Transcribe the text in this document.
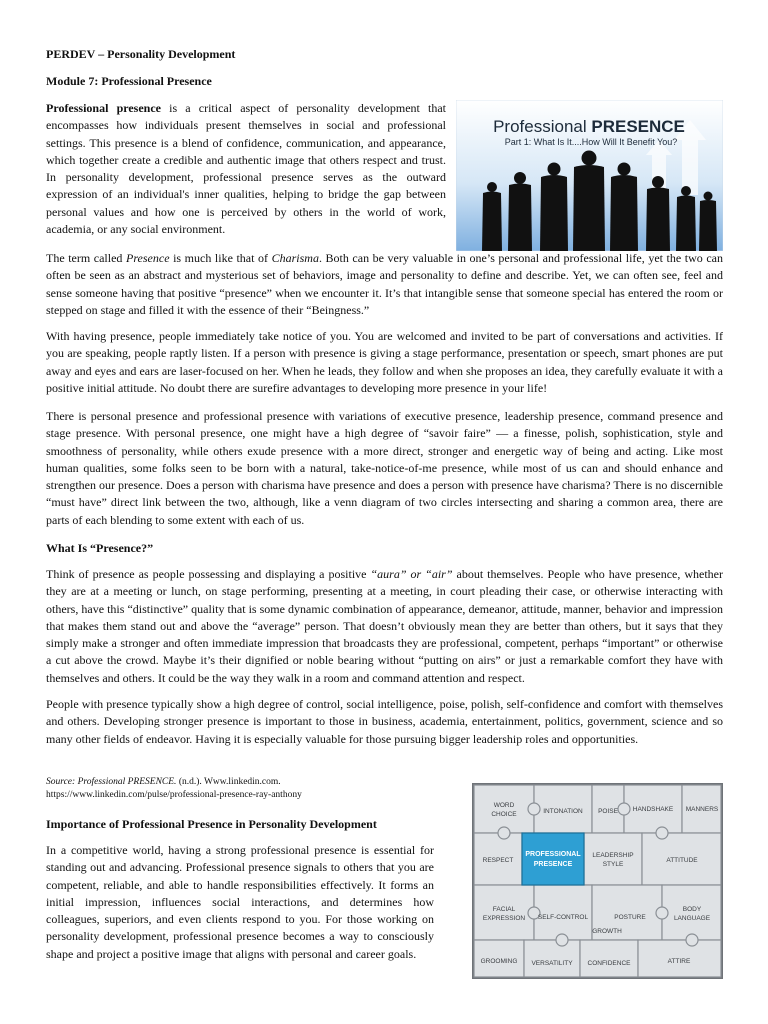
PERDEV – Personality Development
Module 7: Professional Presence

Professional presence is a critical aspect of personality development that encompasses how individuals present themselves in social and professional settings. This presence is a blend of confidence, communication, and appearance, which together create a credible and authentic image that others respect and trust. In personality development, professional presence serves as the outward expression of an individual's inner qualities, helping to bridge the gap between personal values and how one is perceived by others in the world of work, academia, or any social environment.

Professional PRESENCE
Part 1: What Is It....How Will It Benefit You?

The term called Presence is much like that of Charisma. Both can be very valuable in one’s personal and professional life, yet the two can often be seen as an abstract and mysterious set of behaviors, image and personality to define and describe. Yet, we can often see, feel and sense someone having that positive “presence” when we encounter it. It’s that intangible sense that someone special has entered the room or stepped on stage and filled it with the essence of their “Beingness.”

With having presence, people immediately take notice of you. You are welcomed and invited to be part of conversations and activities. If you are speaking, people raptly listen. If a person with presence is giving a stage performance, presentation or speech, smart phones are put away and eyes and ears are laser-focused on her. When he leads, they follow and when she proposes an idea, they carefully evaluate it with a positive initial attitude. No doubt there are surefire advantages to developing more presence in your life!

There is personal presence and professional presence with variations of executive presence, leadership presence, command presence and stage presence. With personal presence, one might have a high degree of “savoir faire” — a finesse, polish, sophistication, style and smoothness of personality, while others exude presence with a more direct, stronger and energetic way of being and acting. Like most human qualities, some folks seen to be born with a natural, take-notice-of-me presence, while most of us can and should enhance and strengthen our presence. Does a person with charisma have presence and does a person with presence have charisma? There is no discernible “must have” direct link between the two, although, like a venn diagram of two circles intersecting and sharing a common area, there are parts of each blending to some extent with each of us.

What Is “Presence?”

Think of presence as people possessing and displaying a positive “aura” or “air” about themselves. People who have presence, whether they are at a meeting or lunch, on stage performing, presenting at a meeting, in court pleading their case, or otherwise interacting with others, have this “distinctive” quality that is some dynamic combination of appearance, demeanor, attitude, manner, behavior and impression that makes them stand out and above the “average” person. That doesn’t obviously mean they are better than others, but it says that they simply make a stronger and often immediate impression that broadcasts they are professional, competent, perhaps “important” or otherwise a cut above the crowd. Maybe it’s their dignified or noble bearing without “putting on airs” or just a remarkable comfort they have with themselves and others. It could be the way they walk in a room and command attention and respect.

People with presence typically show a high degree of control, social intelligence, poise, polish, self-confidence and comfort with themselves and others. Developing stronger presence is important to those in business, academia, entertainment, politics, government, science and so many other fields of endeavor. Having it is especially valuable for those pursuing bigger leadership roles and opportunities.

Source: Professional PRESENCE. (n.d.). Www.linkedin.com.
https://www.linkedin.com/pulse/professional-presence-ray-anthony
Importance of Professional Presence in Personality Development

In a competitive world, having a strong professional presence is essential for standing out and advancing. Professional presence signals to others that you are competent, reliable, and able to handle responsibilities effectively. It forms an initial impression, influences social interactions, and determines how colleagues, superiors, and even clients respond to you. For those working on personality development, professional presence becomes a way to consciously shape and project a positive image that aligns with personal and career goals.

PROFESSIONAL
PRESENCE
WORD
CHOICE	INTONATION POISE HANDSHAKE MANNERS
RESPECT
LEADERSHIP
STYLE
ATTITUDE
FACIAL
EXPRESSION SELF-CONTROL	POSTURE
BODY
LANGUAGE
GROWTH
GROOMING VERSATILITY CONFIDENCE	ATTIRE
